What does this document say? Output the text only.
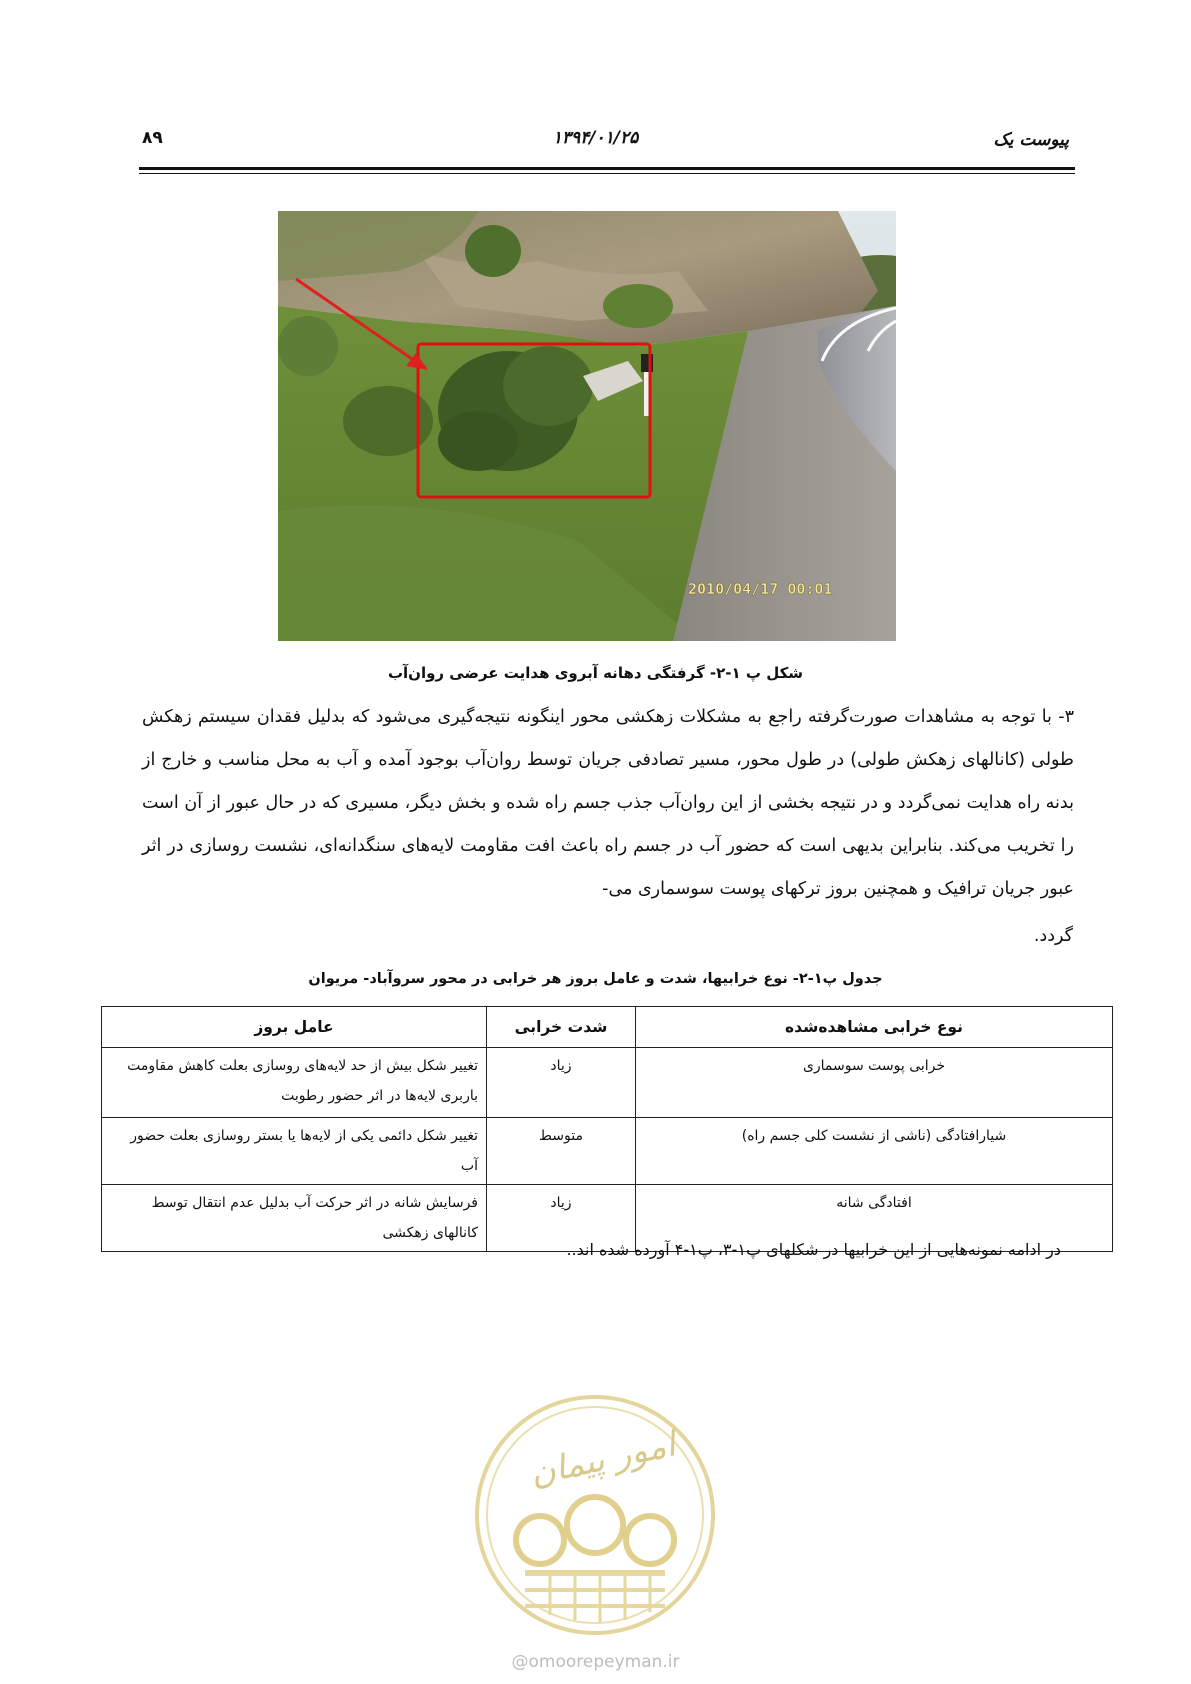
پیوست یک
۱۳۹۴/۰۱/۲۵
۸۹
2010/04/17 00:01
شکل پ ۱-۲- گرفتگی دهانه آبروی هدایت عرضی روان‌آب
۳- با توجه به مشاهدات صورت‌گرفته راجع به مشکلات زهکشی محور اینگونه نتیجه‌گیری می‌شود که بدلیل فقدان سیستم زهکش طولی (کانالهای زهکش طولی) در طول محور، مسیر تصادفی جریان توسط روان‌آب بوجود آمده و آب به محل مناسب و خارج از بدنه راه هدایت نمی‌گردد و در نتیجه بخشی از این روان‌آب جذب جسم راه شده و بخش دیگر، مسیری که در حال عبور از آن است را تخریب می‌کند. بنابراین بدیهی است که حضور آب در جسم راه باعث افت مقاومت لایه‌های سنگدانه‌ای، نشست روسازی در اثر عبور جریان ترافیک و همچنین بروز ترکهای پوست سوسماری می-
گردد.
جدول پ۱-۲- نوع خرابیها، شدت و عامل بروز هر خرابی در محور سروآباد- مریوان
نوع خرابی مشاهده‌شده	شدت خرابی	عامل بروز
خرابی پوست سوسماری	زیاد	تغییر شکل بیش از حد لایه‌های روسازی بعلت کاهش مقاومت باربری لایه‌ها در اثر حضور رطوبت
شیارافتادگی (ناشی از نشست کلی جسم راه)	متوسط	تغییر شکل دائمی یکی از لایه‌ها یا بستر روسازی بعلت حضور آب
افتادگی شانه	زیاد	فرسایش شانه در اثر حرکت آب بدلیل عدم انتقال توسط کانالهای زهکشی
در ادامه نمونه‌هایی از این خرابیها در شکلهای پ۱-۳، پ۱-۴ آورده شده اند..
امور پیمان
@omoorepeyman.ir
